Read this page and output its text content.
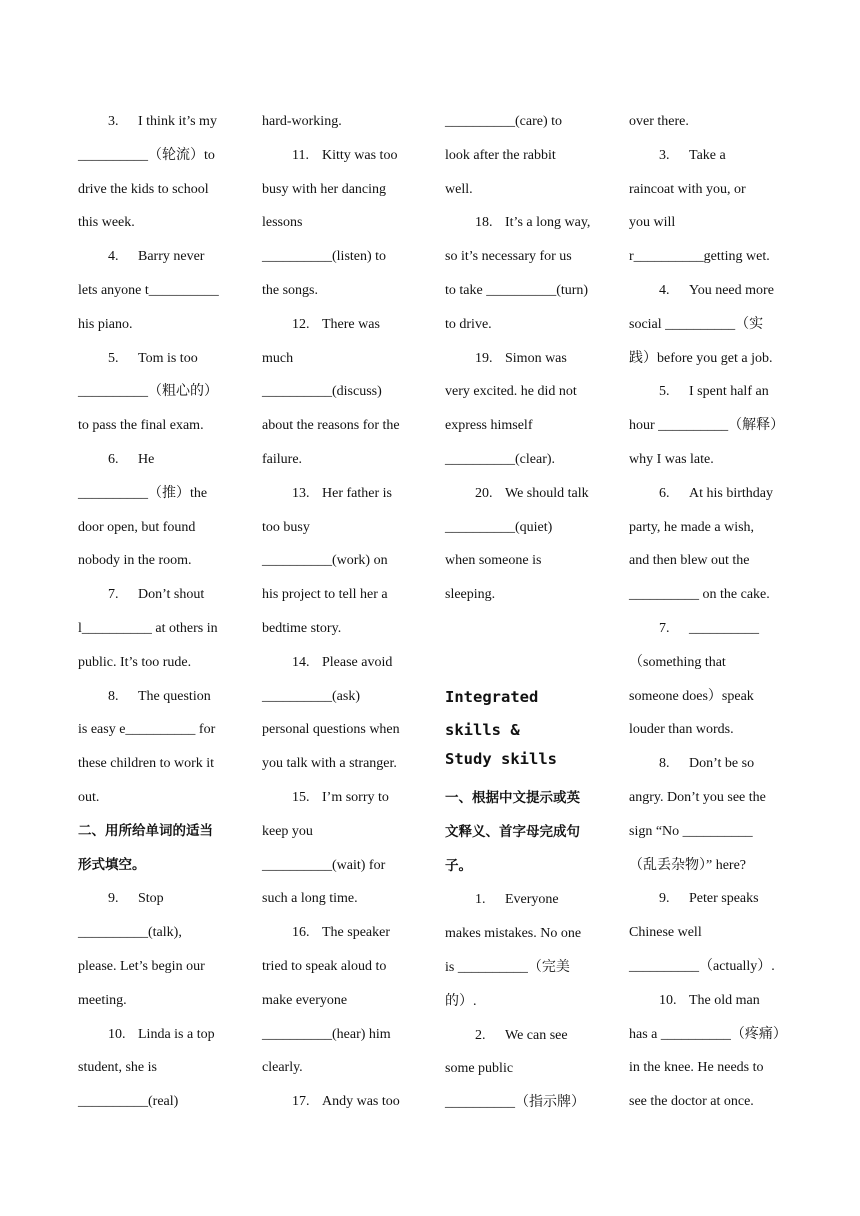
3.	I think it’s my
__________（轮流）to
drive the kids to school
this week.
4.	Barry never
lets anyone t__________
his piano.
5.	Tom is too
__________（粗心的）
to pass the final exam.
6.	He
__________（推）the
door open, but found
nobody in the room.
7.	Don’t shout
l__________ at others in
public. It’s too rude.
8.	The question
is easy e__________ for
these children to work it
out.
二、用所给单词的适当
形式填空。
9.	Stop
__________(talk),
please. Let’s begin our
meeting.
10. Linda is a top
student, she is
__________(real)
hard-working.
11. Kitty was too
busy with her dancing
lessons
__________(listen) to
the songs.
12. There was
much
__________(discuss)
about the reasons for the
failure.
13. Her father is
too busy
__________(work) on
his project to tell her a
bedtime story.
14. Please avoid
__________(ask)
personal questions when
you talk with a stranger.
15. I’m sorry to
keep you
__________(wait) for
such a long time.
16. The speaker
tried to speak aloud to
make everyone
__________(hear) him
clearly.
17. Andy was too
__________(care) to
look after the rabbit
well.
18. It’s a long way,
so it’s necessary for us
to take __________(turn)
to drive.
19. Simon was
very excited. he did not
express himself
__________(clear).
20. We should talk
__________(quiet)
when someone is
sleeping.
Integrated skills &
Study skills
一、根据中文提示或英
文释义、首字母完成句
子。
1.	Everyone
makes mistakes. No one
is __________（完美
的）.
2.	We can see
some public
__________（指示牌）
over there.
3.	Take a
raincoat with you, or
you will
r__________getting wet.
4.	You need more
social __________（实
践）before you get a job.
5.	I spent half an
hour __________（解释）
why I was late.
6.	At his birthday
party, he made a wish,
and then blew out the
__________ on the cake.
7.	__________
（something that
someone does）speak
louder than words.
8.	Don’t be so
angry. Don’t you see the
sign “No __________
（乱丢杂物）” here?
9.	Peter speaks
Chinese well
__________（actually）.
10. The old man
has a __________（疼痛）
in the knee. He needs to
see the doctor at once.
